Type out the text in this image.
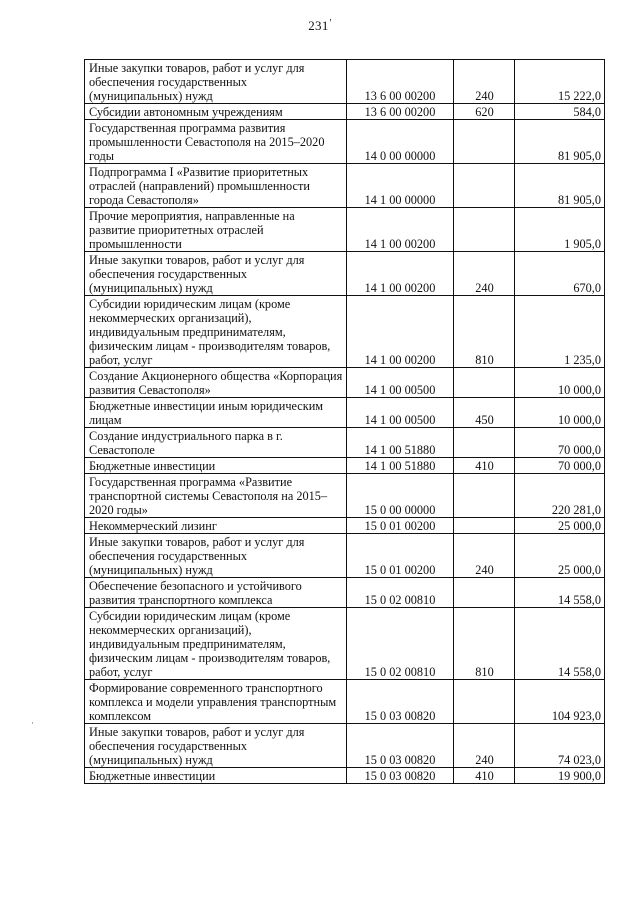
231'
Иные закупки товаров, работ и услуг для обеспечения государственных (муниципальных) нужд	13 6 00 00200	240	15 222,0
Субсидии автономным учреждениям	13 6 00 00200	620	584,0
Государственная программа развития промышленности Севастополя на 2015–2020 годы	14 0 00 00000		81 905,0
Подпрограмма I «Развитие приоритетных отраслей (направлений) промышленности города Севастополя»	14 1 00 00000		81 905,0
Прочие мероприятия, направленные на развитие приоритетных отраслей промышленности	14 1 00 00200		1 905,0
Иные закупки товаров, работ и услуг для обеспечения государственных (муниципальных) нужд	14 1 00 00200	240	670,0
Субсидии юридическим лицам (кроме некоммерческих организаций), индивидуальным предпринимателям, физическим лицам - производителям товаров, работ, услуг	14 1 00 00200	810	1 235,0
Создание Акционерного общества «Корпорация развития Севастополя»	14 1 00 00500		10 000,0
Бюджетные инвестиции иным юридическим лицам	14 1 00 00500	450	10 000,0
Создание индустриального парка в г. Севастополе	14 1 00 51880		70 000,0
Бюджетные инвестиции	14 1 00 51880	410	70 000,0
Государственная программа «Развитие транспортной системы Севастополя на 2015–2020 годы»	15 0 00 00000		220 281,0
Некоммерческий лизинг	15 0 01 00200		25 000,0
Иные закупки товаров, работ и услуг для обеспечения государственных (муниципальных) нужд	15 0 01 00200	240	25 000,0
Обеспечение безопасного и устойчивого развития транспортного комплекса	15 0 02 00810		14 558,0
Субсидии юридическим лицам (кроме некоммерческих организаций), индивидуальным предпринимателям, физическим лицам - производителям товаров, работ, услуг	15 0 02 00810	810	14 558,0
Формирование современного транспортного комплекса и модели управления транспортным комплексом	15 0 03 00820		104 923,0
Иные закупки товаров, работ и услуг для обеспечения государственных (муниципальных) нужд	15 0 03 00820	240	74 023,0
Бюджетные инвестиции	15 0 03 00820	410	19 900,0
·
